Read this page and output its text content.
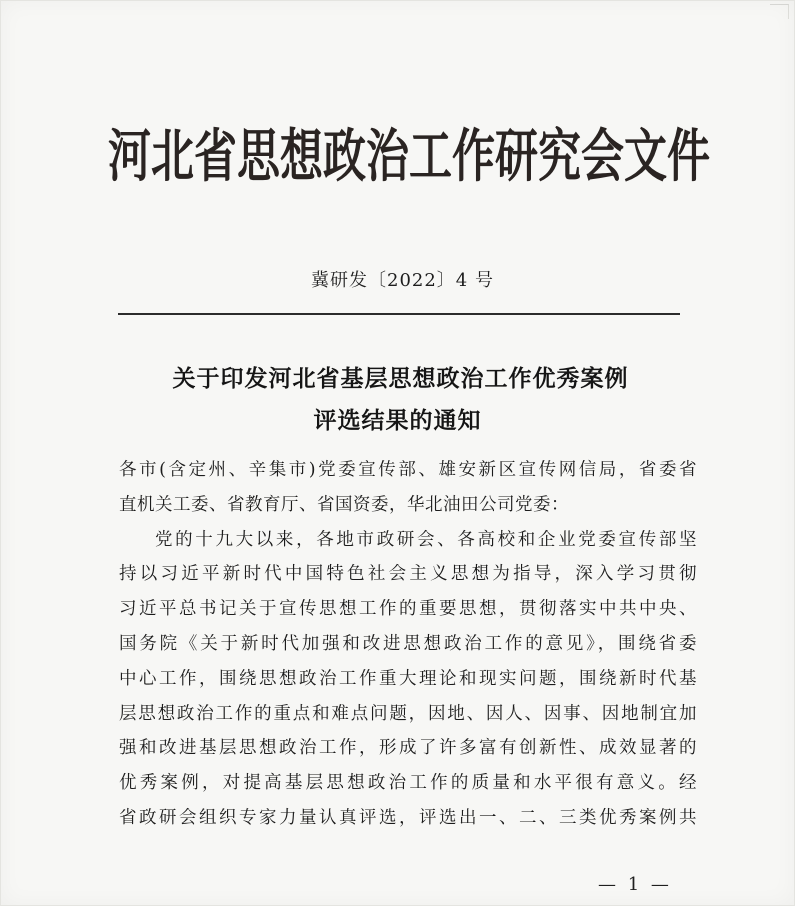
河北省思想政治工作研究会文件
冀研发〔2022〕4 号
关于印发河北省基层思想政治工作优秀案例
评选结果的通知
各市(含定州、辛集市)党委宣传部、雄安新区宣传网信局，省委省
直机关工委、省教育厅、省国资委，华北油田公司党委：
党的十九大以来，各地市政研会、各高校和企业党委宣传部坚
持以习近平新时代中国特色社会主义思想为指导，深入学习贯彻
习近平总书记关于宣传思想工作的重要思想，贯彻落实中共中央、
国务院《关于新时代加强和改进思想政治工作的意见》，围绕省委
中心工作，围绕思想政治工作重大理论和现实问题，围绕新时代基
层思想政治工作的重点和难点问题，因地、因人、因事、因地制宜加
强和改进基层思想政治工作，形成了许多富有创新性、成效显著的
优秀案例，对提高基层思想政治工作的质量和水平很有意义。经
省政研会组织专家力量认真评选，评选出一、二、三类优秀案例共
— 1 —
